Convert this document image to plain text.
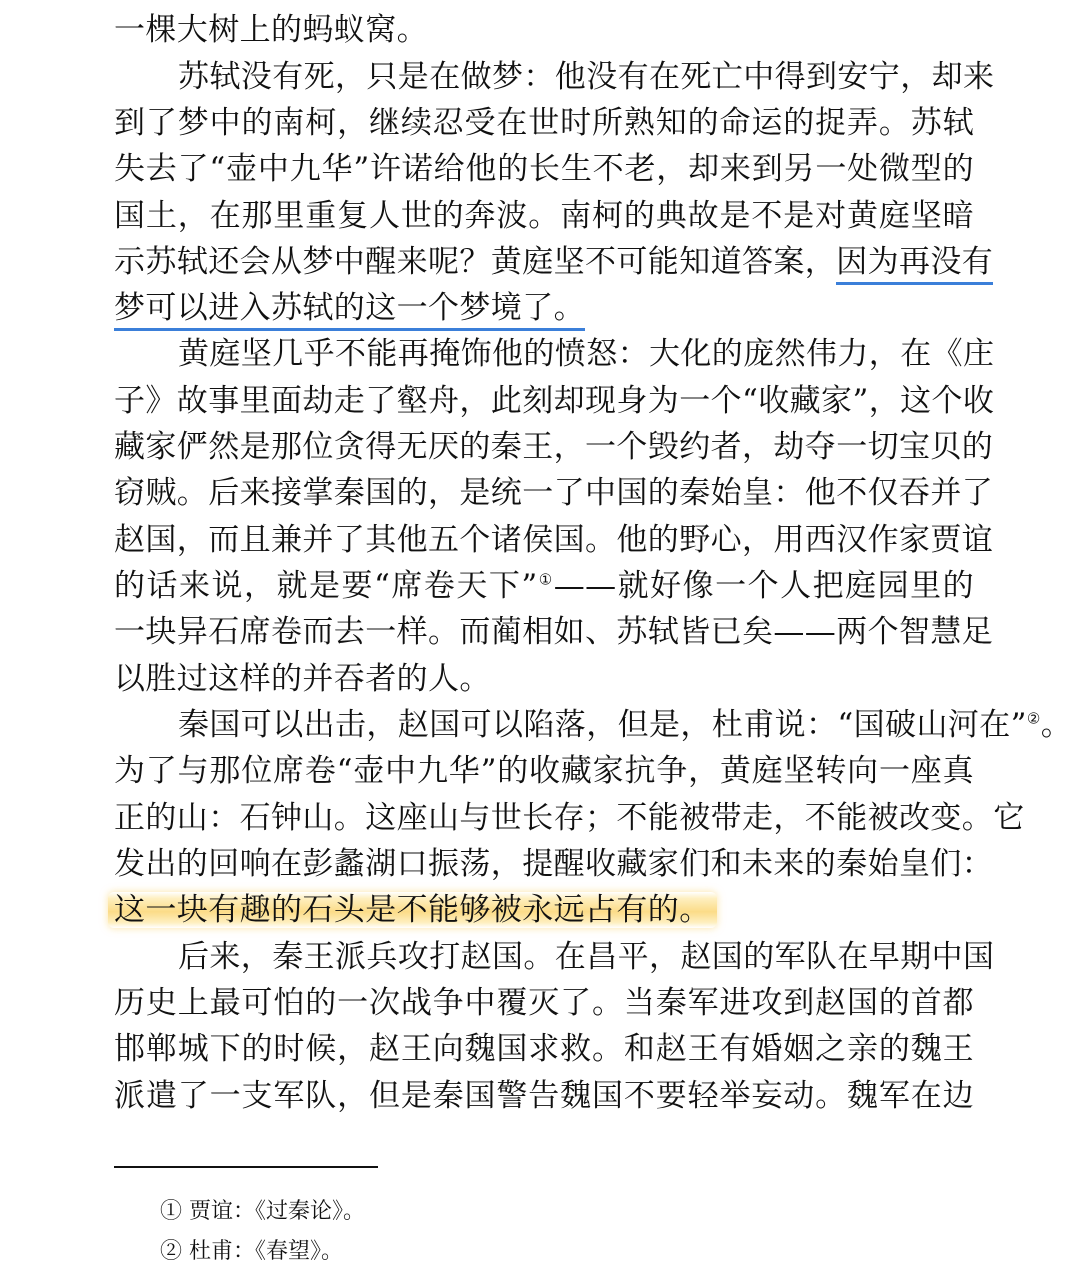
一棵大树上的蚂蚁窝。
苏轼没有死，只是在做梦：他没有在死亡中得到安宁，却来
到了梦中的南柯，继续忍受在世时所熟知的命运的捉弄。苏轼
失去了“壶中九华”许诺给他的长生不老，却来到另一处微型的
国土，在那里重复人世的奔波。南柯的典故是不是对黄庭坚暗
示苏轼还会从梦中醒来呢？黄庭坚不可能知道答案，因为再没有
梦可以进入苏轼的这一个梦境了。
黄庭坚几乎不能再掩饰他的愤怒：大化的庞然伟力，在《庄
子》故事里面劫走了壑舟，此刻却现身为一个“收藏家”，这个收
藏家俨然是那位贪得无厌的秦王，一个毁约者，劫夺一切宝贝的
窃贼。后来接掌秦国的，是统一了中国的秦始皇：他不仅吞并了
赵国，而且兼并了其他五个诸侯国。他的野心，用西汉作家贾谊
的话来说，就是要“席卷天下”①——就好像一个人把庭园里的
一块异石席卷而去一样。而蔺相如、苏轼皆已矣——两个智慧足
以胜过这样的并吞者的人。
秦国可以出击，赵国可以陷落，但是，杜甫说：“国破山河在”②。
为了与那位席卷“壶中九华”的收藏家抗争，黄庭坚转向一座真
正的山：石钟山。这座山与世长存；不能被带走，不能被改变。它
发出的回响在彭蠡湖口振荡，提醒收藏家们和未来的秦始皇们：
这一块有趣的石头是不能够被永远占有的。
后来，秦王派兵攻打赵国。在昌平，赵国的军队在早期中国
历史上最可怕的一次战争中覆灭了。当秦军进攻到赵国的首都
邯郸城下的时候，赵王向魏国求救。和赵王有婚姻之亲的魏王
派遣了一支军队，但是秦国警告魏国不要轻举妄动。魏军在边
① 贾谊：《过秦论》。
② 杜甫：《春望》。
